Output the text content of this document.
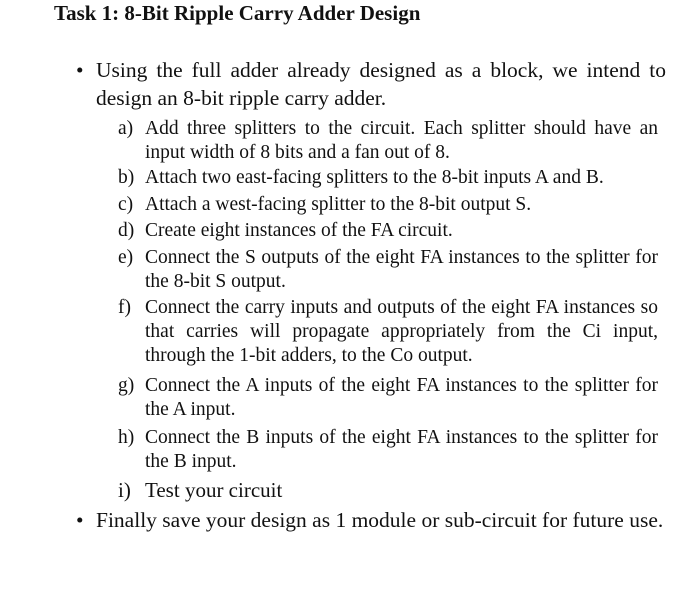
Task 1: 8-Bit Ripple Carry Adder Design
• Using the full adder already designed as a block, we intend to design an 8-bit ripple carry adder.
a) Add three splitters to the circuit. Each splitter should have an input width of 8 bits and a fan out of 8.
b) Attach two east-facing splitters to the 8-bit inputs A and B.
c) Attach a west-facing splitter to the 8-bit output S.
d) Create eight instances of the FA circuit.
e) Connect the S outputs of the eight FA instances to the splitter for the 8-bit S output.
f) Connect the carry inputs and outputs of the eight FA instances so that carries will propagate appropriately from the Ci input, through the 1-bit adders, to the Co output.
g) Connect the A inputs of the eight FA instances to the splitter for the A input.
h) Connect the B inputs of the eight FA instances to the splitter for the B input.
i) Test your circuit
• Finally save your design as 1 module or sub-circuit for future use.
